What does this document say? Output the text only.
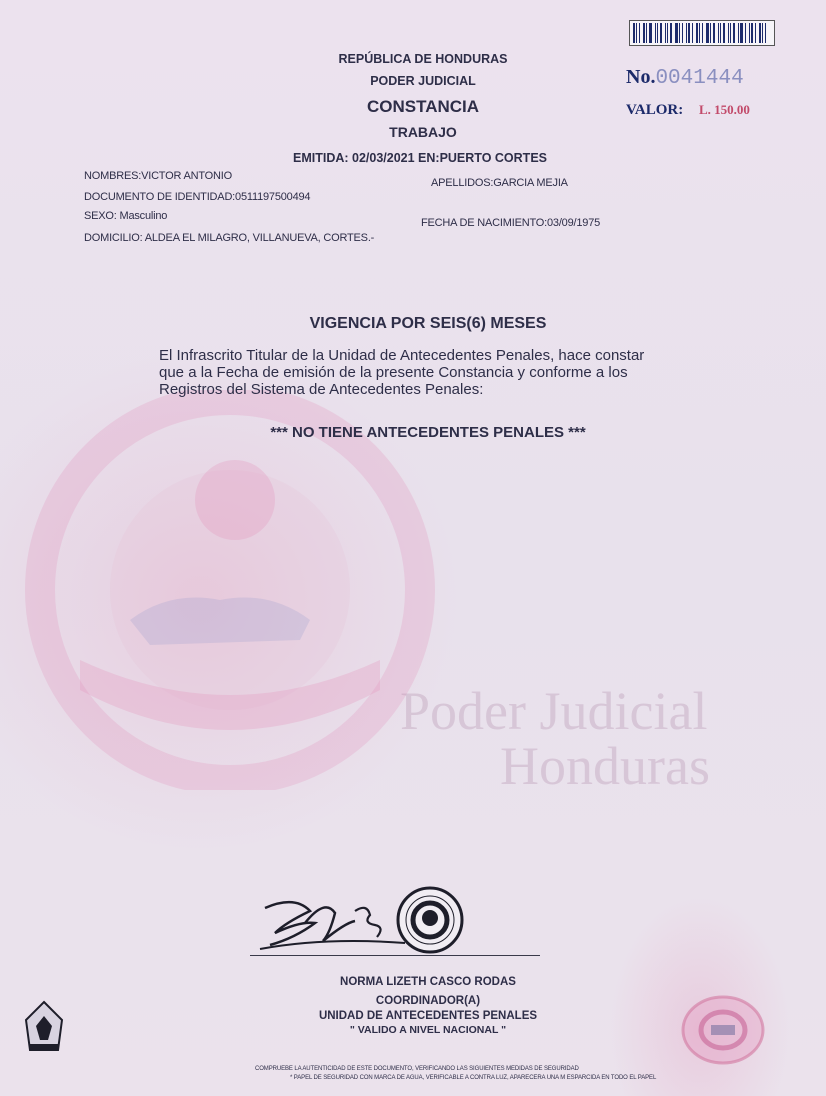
Poder Judicial
Honduras
REPÚBLICA DE HONDURAS
PODER JUDICIAL
CONSTANCIA
TRABAJO
EMITIDA: 02/03/2021 EN:PUERTO CORTES
No.0041444
VALOR: L. 150.00
NOMBRES:VICTOR ANTONIO
APELLIDOS:GARCIA MEJIA
DOCUMENTO DE IDENTIDAD:0511197500494
SEXO: Masculino
FECHA DE NACIMIENTO:03/09/1975
DOMICILIO: ALDEA EL MILAGRO, VILLANUEVA, CORTES.-
VIGENCIA POR SEIS(6) MESES
El Infrascrito Titular de la Unidad de Antecedentes Penales, hace constar
que a la Fecha de emisión de la presente Constancia y conforme a los
Registros del Sistema de Antecedentes Penales:
*** NO TIENE ANTECEDENTES PENALES ***
NORMA LIZETH CASCO RODAS
COORDINADOR(A)
UNIDAD DE ANTECEDENTES PENALES
" VALIDO A NIVEL NACIONAL "
COMPRUEBE LA AUTENTICIDAD DE ESTE DOCUMENTO, VERIFICANDO LAS SIGUIENTES MEDIDAS DE SEGURIDAD
* PAPEL DE SEGURIDAD CON MARCA DE AGUA, VERIFICABLE A CONTRA LUZ, APARECERA UNA M ESPARCIDA EN TODO EL PAPEL
